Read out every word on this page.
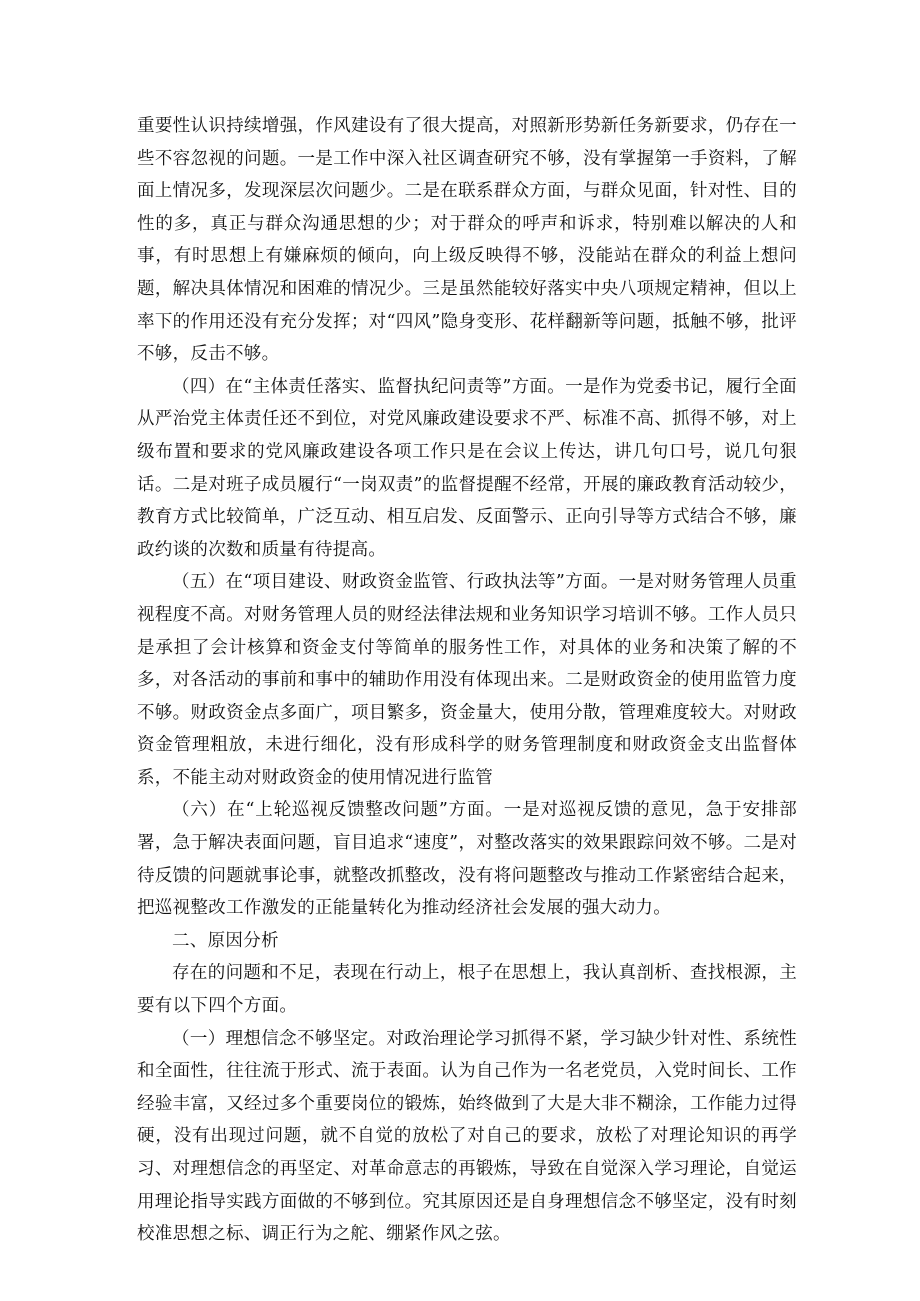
重要性认识持续增强，作风建设有了很大提高，对照新形势新任务新要求，仍存在一些不容忽视的问题。一是工作中深入社区调查研究不够，没有掌握第一手资料，了解面上情况多，发现深层次问题少。二是在联系群众方面，与群众见面，针对性、目的性的多，真正与群众沟通思想的少；对于群众的呼声和诉求，特别难以解决的人和事，有时思想上有嫌麻烦的倾向，向上级反映得不够，没能站在群众的利益上想问题，解决具体情况和困难的情况少。三是虽然能较好落实中央八项规定精神，但以上率下的作用还没有充分发挥；对“四风”隐身变形、花样翻新等问题，抵触不够，批评不够，反击不够。

（四）在“主体责任落实、监督执纪问责等”方面。一是作为党委书记，履行全面从严治党主体责任还不到位，对党风廉政建设要求不严、标准不高、抓得不够，对上级布置和要求的党风廉政建设各项工作只是在会议上传达，讲几句口号，说几句狠话。二是对班子成员履行“一岗双责”的监督提醒不经常，开展的廉政教育活动较少，教育方式比较简单，广泛互动、相互启发、反面警示、正向引导等方式结合不够，廉政约谈的次数和质量有待提高。

（五）在“项目建设、财政资金监管、行政执法等”方面。一是对财务管理人员重视程度不高。对财务管理人员的财经法律法规和业务知识学习培训不够。工作人员只是承担了会计核算和资金支付等简单的服务性工作，对具体的业务和决策了解的不多，对各活动的事前和事中的辅助作用没有体现出来。二是财政资金的使用监管力度不够。财政资金点多面广，项目繁多，资金量大，使用分散，管理难度较大。对财政资金管理粗放，未进行细化，没有形成科学的财务管理制度和财政资金支出监督体系，不能主动对财政资金的使用情况进行监管

（六）在“上轮巡视反馈整改问题”方面。一是对巡视反馈的意见，急于安排部署，急于解决表面问题，盲目追求“速度”，对整改落实的效果跟踪问效不够。二是对待反馈的问题就事论事，就整改抓整改，没有将问题整改与推动工作紧密结合起来，把巡视整改工作激发的正能量转化为推动经济社会发展的强大动力。

二、原因分析

存在的问题和不足，表现在行动上，根子在思想上，我认真剖析、查找根源，主要有以下四个方面。

（一）理想信念不够坚定。对政治理论学习抓得不紧，学习缺少针对性、系统性和全面性，往往流于形式、流于表面。认为自己作为一名老党员，入党时间长、工作经验丰富，又经过多个重要岗位的锻炼，始终做到了大是大非不糊涂，工作能力过得硬，没有出现过问题，就不自觉的放松了对自己的要求，放松了对理论知识的再学习、对理想信念的再坚定、对革命意志的再锻炼，导致在自觉深入学习理论，自觉运用理论指导实践方面做的不够到位。究其原因还是自身理想信念不够坚定，没有时刻校准思想之标、调正行为之舵、绷紧作风之弦。
